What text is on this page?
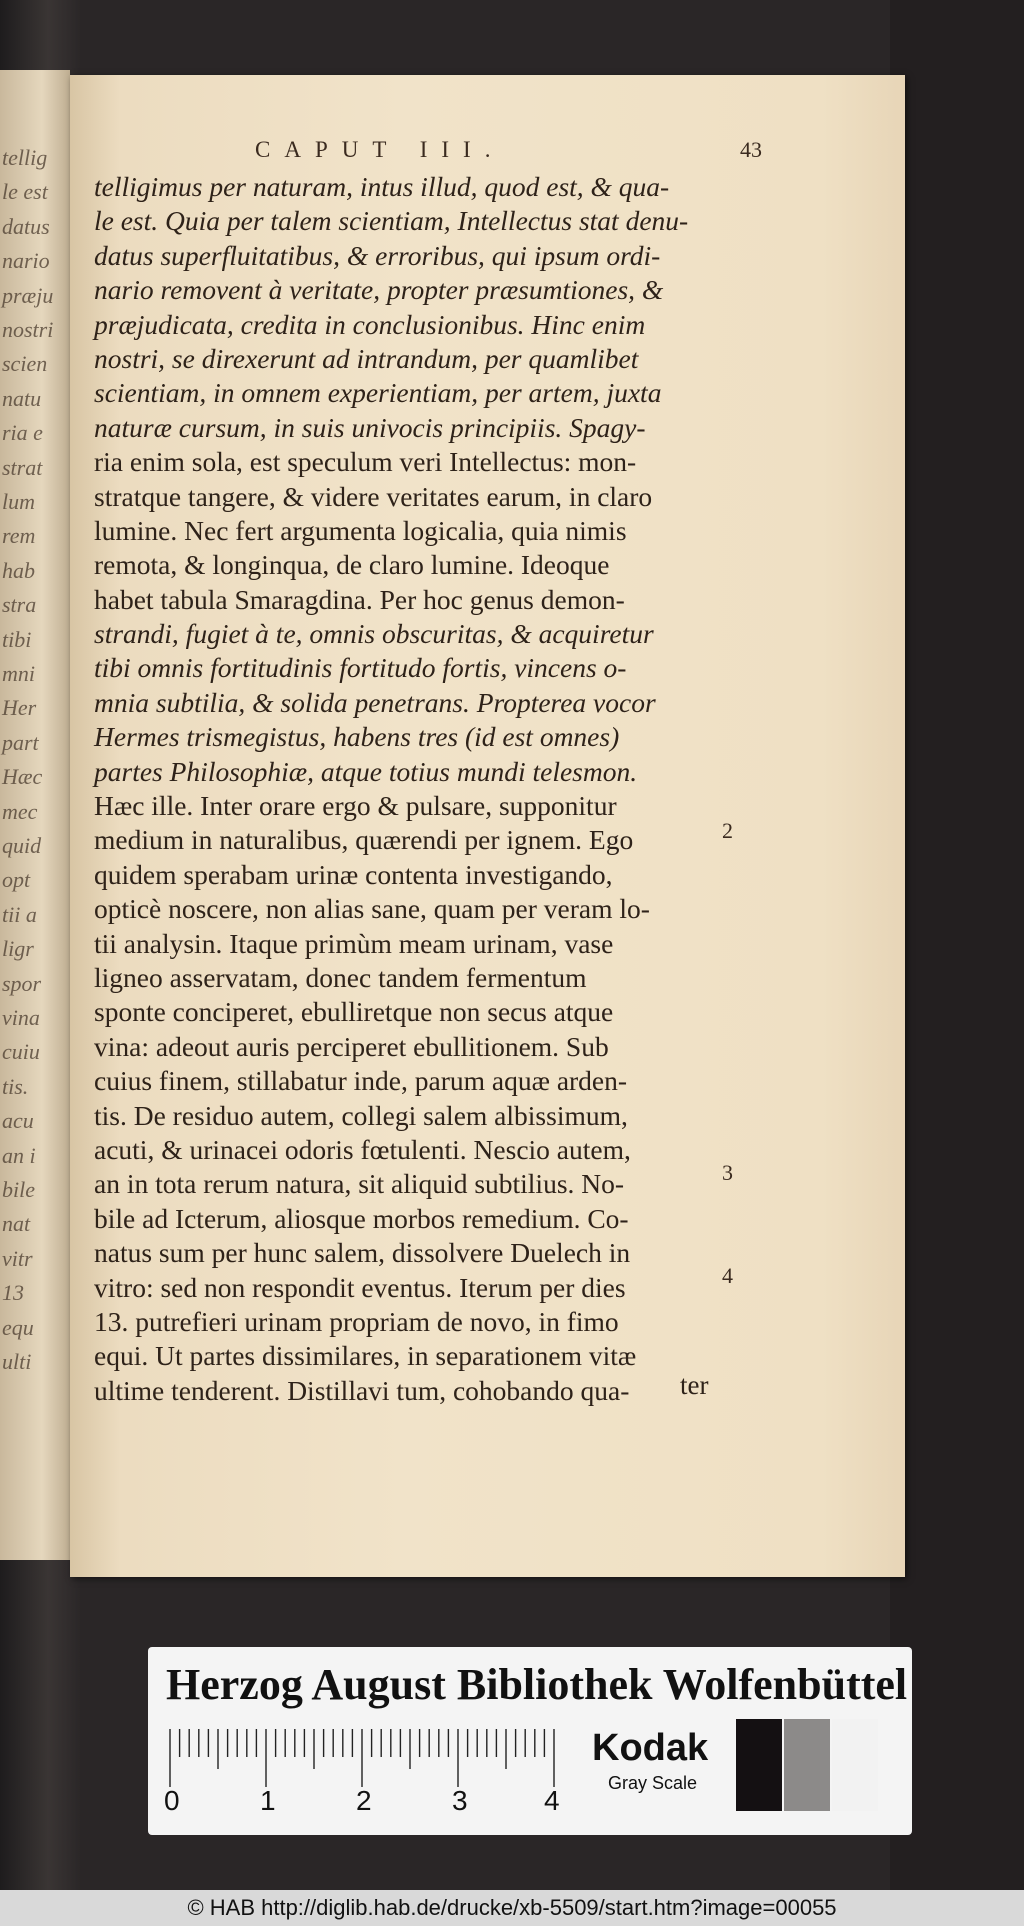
tellig
le est
datus
nario
præju
nostri
scien
natu
ria e
strat
lum
rem
hab
stra
tibi
mni
Her
part
Hæc
mec
quid
opt
tii a
ligr
spor
vina
cuiu
tis.
acu
an i
bile
nat
vitr
13
equ
ulti
CAPUT III.	43
telligimus per naturam, intus illud, quod est, & qua-
le est. Quia per talem scientiam, Intellectus stat denu-
datus superfluitatibus, & erroribus, qui ipsum ordi-
nario removent à veritate, propter præsumtiones, &
præjudicata, credita in conclusionibus. Hinc enim
nostri, se direxerunt ad intrandum, per quamlibet
scientiam, in omnem experientiam, per artem, juxta
naturæ cursum, in suis univocis principiis. Spagy-
ria enim sola, est speculum veri Intellectus: mon-
stratque tangere, & videre veritates earum, in claro
lumine. Nec fert argumenta logicalia, quia nimis
remota, & longinqua, de claro lumine. Ideoque
habet tabula Smaragdina. Per hoc genus demon-
strandi, fugiet à te, omnis obscuritas, & acquiretur
tibi omnis fortitudinis fortitudo fortis, vincens o-
mnia subtilia, & solida penetrans. Propterea vocor
Hermes trismegistus, habens tres (id est omnes)
partes Philosophiæ, atque totius mundi telesmon.
Hæc ille. Inter orare ergo & pulsare, supponitur
medium in naturalibus, quærendi per ignem. Ego
quidem sperabam urinæ contenta investigando,
opticè noscere, non alias sane, quam per veram lo-
tii analysin. Itaque primùm meam urinam, vase
ligneo asservatam, donec tandem fermentum
sponte conciperet, ebulliretque non secus atque
vina: adeout auris perciperet ebullitionem. Sub
cuius finem, stillabatur inde, parum aquæ arden-
tis. De residuo autem, collegi salem albissimum,
acuti, & urinacei odoris fœtulenti. Nescio autem,
an in tota rerum natura, sit aliquid subtilius. No-
bile ad Icterum, aliosque morbos remedium. Co-
natus sum per hunc salem, dissolvere Duelech in
vitro: sed non respondit eventus. Iterum per dies
13. putrefieri urinam propriam de novo, in fimo
equi. Ut partes dissimilares, in separationem vitæ
ultime tenderent. Distillavi tum, cohobando qua-
2
3
4
ter
Herzog August Bibliothek Wolfenbüttel
0	1	2	3	4
Kodak
Gray Scale
© HAB http://diglib.hab.de/drucke/xb-5509/start.htm?image=00055
